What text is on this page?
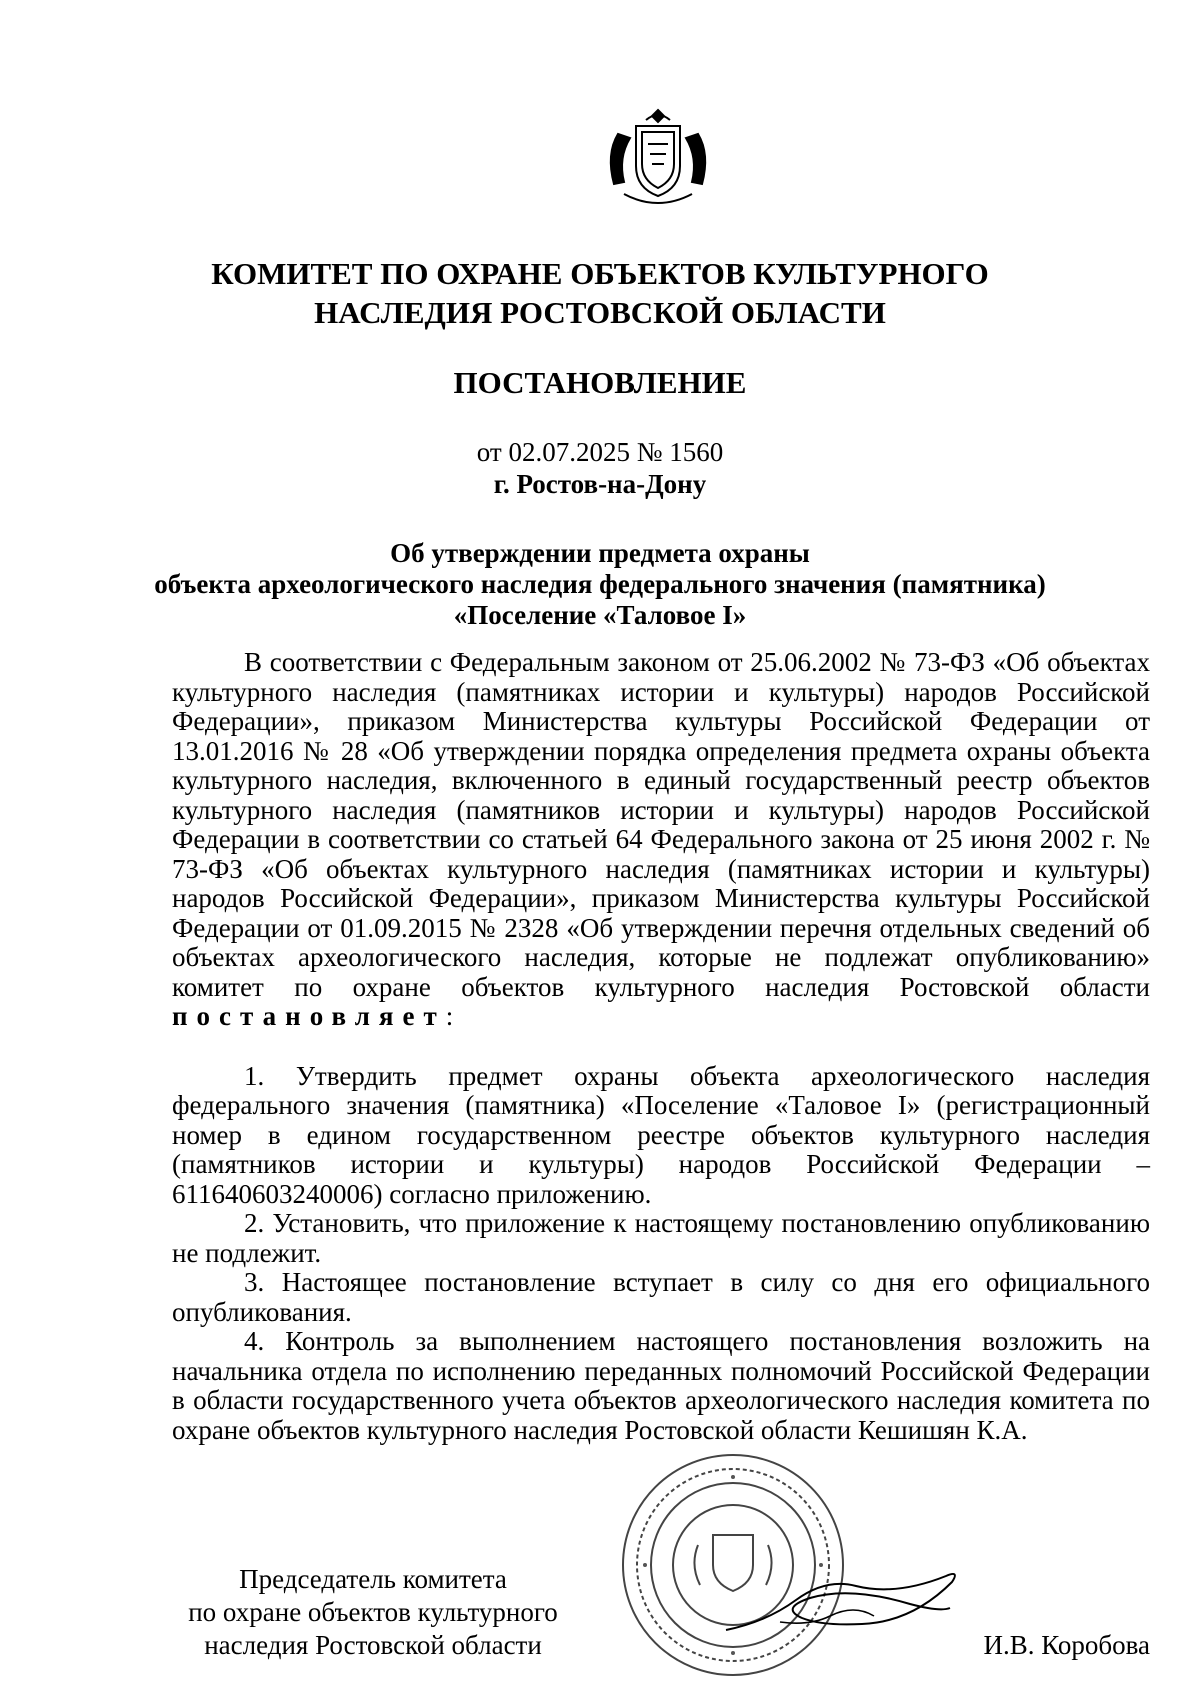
КОМИТЕТ ПО ОХРАНЕ ОБЪЕКТОВ КУЛЬТУРНОГО
НАСЛЕДИЯ РОСТОВСКОЙ ОБЛАСТИ
ПОСТАНОВЛЕНИЕ
от 02.07.2025 № 1560
г. Ростов-на-Дону
Об утверждении предмета охраны
объекта археологического наследия федерального значения (памятника)
«Поселение «Таловое I»

В соответствии с Федеральным законом от 25.06.2002 № 73-ФЗ «Об объектах культурного наследия (памятниках истории и культуры) народов Российской Федерации», приказом Министерства культуры Российской Федерации от 13.01.2016 № 28 «Об утверждении порядка определения предмета охраны объекта культурного наследия, включенного в единый государственный реестр объектов культурного наследия (памятников истории и культуры) народов Российской Федерации в соответствии со статьей 64 Федерального закона от 25 июня 2002 г. № 73-ФЗ «Об объектах культурного наследия (памятниках истории и культуры) народов Российской Федерации», приказом Министерства культуры Российской Федерации от 01.09.2015 № 2328 «Об утверждении перечня отдельных сведений об объектах археологического наследия, которые не подлежат опубликованию» комитет по охране объектов культурного наследия Ростовской области постановляет:

1. Утвердить предмет охраны объекта археологического наследия федерального значения (памятника) «Поселение «Таловое I» (регистрационный номер в едином государственном реестре объектов культурного наследия (памятников истории и культуры) народов Российской Федерации – 611640603240006) согласно приложению.

2. Установить, что приложение к настоящему постановлению опубликованию не подлежит.

3. Настоящее постановление вступает в силу со дня его официального опубликования.

4. Контроль за выполнением настоящего постановления возложить на начальника отдела по исполнению переданных полномочий Российской Федерации в области государственного учета объектов археологического наследия комитета по охране объектов культурного наследия Ростовской области Кешишян К.А.

Председатель комитета
по охране объектов культурного
наследия Ростовской области	И.В. Коробова
